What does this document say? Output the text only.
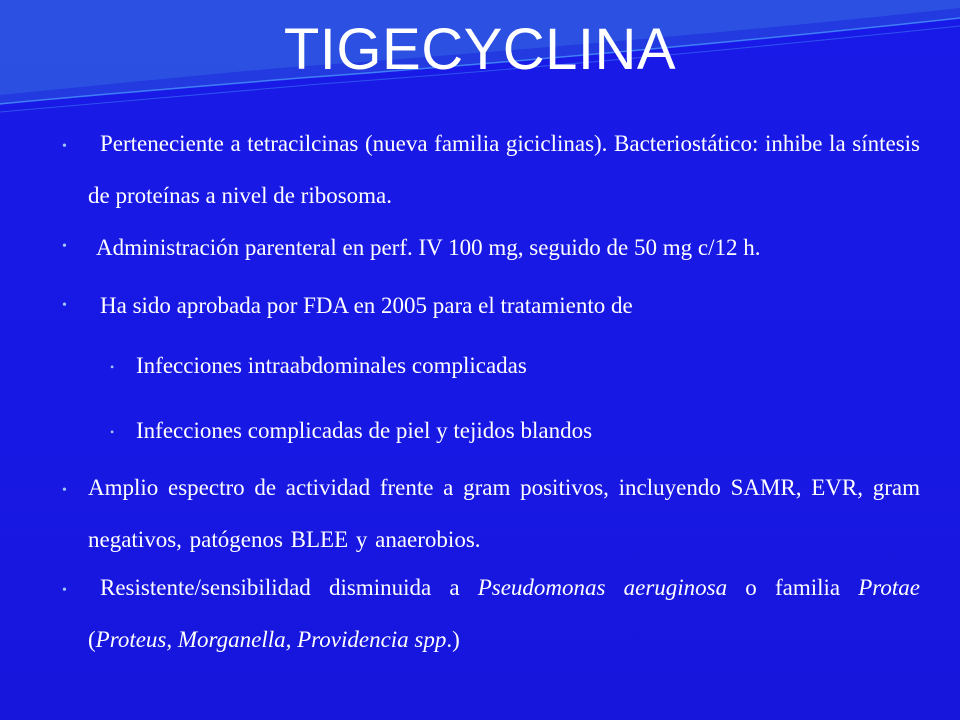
TIGECYCLINA
•	Perteneciente a tetracilcinas (nueva familia giciclinas). Bacteriostático: inhibe la síntesis de proteínas a nivel de ribosoma.
• Administración parenteral en perf. IV 100 mg, seguido de 50 mg c/12 h.
• Ha sido aprobada por FDA en 2005 para el tratamiento de
• Infecciones intraabdominales complicadas
• Infecciones complicadas de piel y tejidos blandos
• Amplio espectro de actividad frente a gram positivos, incluyendo SAMR, EVR, gram negativos, patógenos BLEE y anaerobios.
•	Resistente/sensibilidad disminuida a Pseudomonas aeruginosa o familia Protae (Proteus, Morganella, Providencia spp.)
